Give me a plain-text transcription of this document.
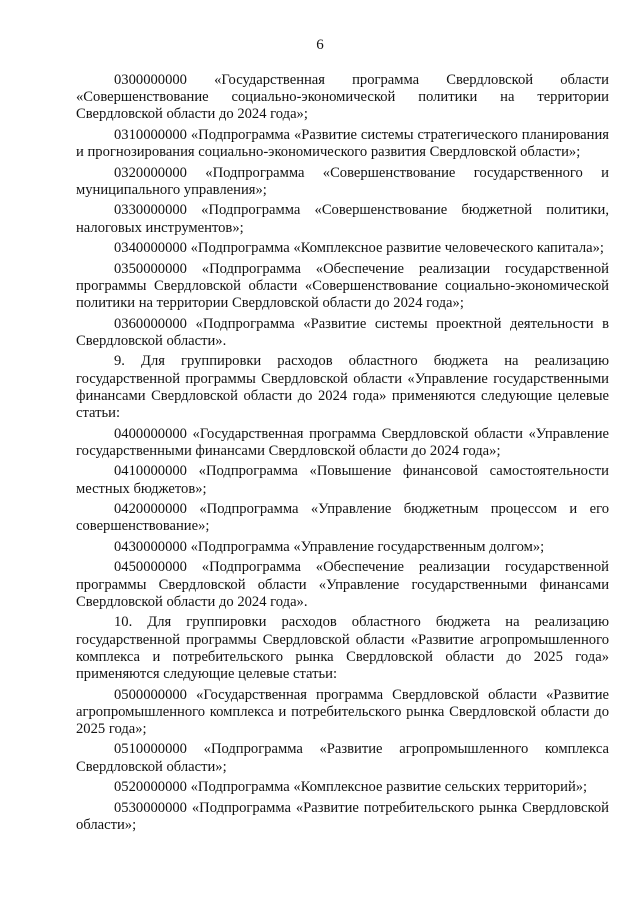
6

0300000000 «Государственная программа Свердловской области «Совершенствование социально-экономической политики на территории Свердловской области до 2024 года»;

0310000000 «Подпрограмма «Развитие системы стратегического планирования и прогнозирования социально-экономического развития Свердловской области»;

0320000000 «Подпрограмма «Совершенствование государственного и муниципального управления»;

0330000000 «Подпрограмма «Совершенствование бюджетной политики, налоговых инструментов»;

0340000000 «Подпрограмма «Комплексное развитие человеческого капитала»;

0350000000 «Подпрограмма «Обеспечение реализации государственной программы Свердловской области «Совершенствование социально-экономической политики на территории Свердловской области до 2024 года»;

0360000000 «Подпрограмма «Развитие системы проектной деятельности в Свердловской области».

9. Для группировки расходов областного бюджета на реализацию государственной программы Свердловской области «Управление государственными финансами Свердловской области до 2024 года» применяются следующие целевые статьи:

0400000000 «Государственная программа Свердловской области «Управление государственными финансами Свердловской области до 2024 года»;

0410000000 «Подпрограмма «Повышение финансовой самостоятельности местных бюджетов»;

0420000000 «Подпрограмма «Управление бюджетным процессом и его совершенствование»;

0430000000 «Подпрограмма «Управление государственным долгом»;

0450000000 «Подпрограмма «Обеспечение реализации государственной программы Свердловской области «Управление государственными финансами Свердловской области до 2024 года».

10. Для группировки расходов областного бюджета на реализацию государственной программы Свердловской области «Развитие агропромышленного комплекса и потребительского рынка Свердловской области до 2025 года» применяются следующие целевые статьи:

0500000000 «Государственная программа Свердловской области «Развитие агропромышленного комплекса и потребительского рынка Свердловской области до 2025 года»;

0510000000 «Подпрограмма «Развитие агропромышленного комплекса Свердловской области»;

0520000000 «Подпрограмма «Комплексное развитие сельских территорий»;

0530000000 «Подпрограмма «Развитие потребительского рынка Свердловской области»;
